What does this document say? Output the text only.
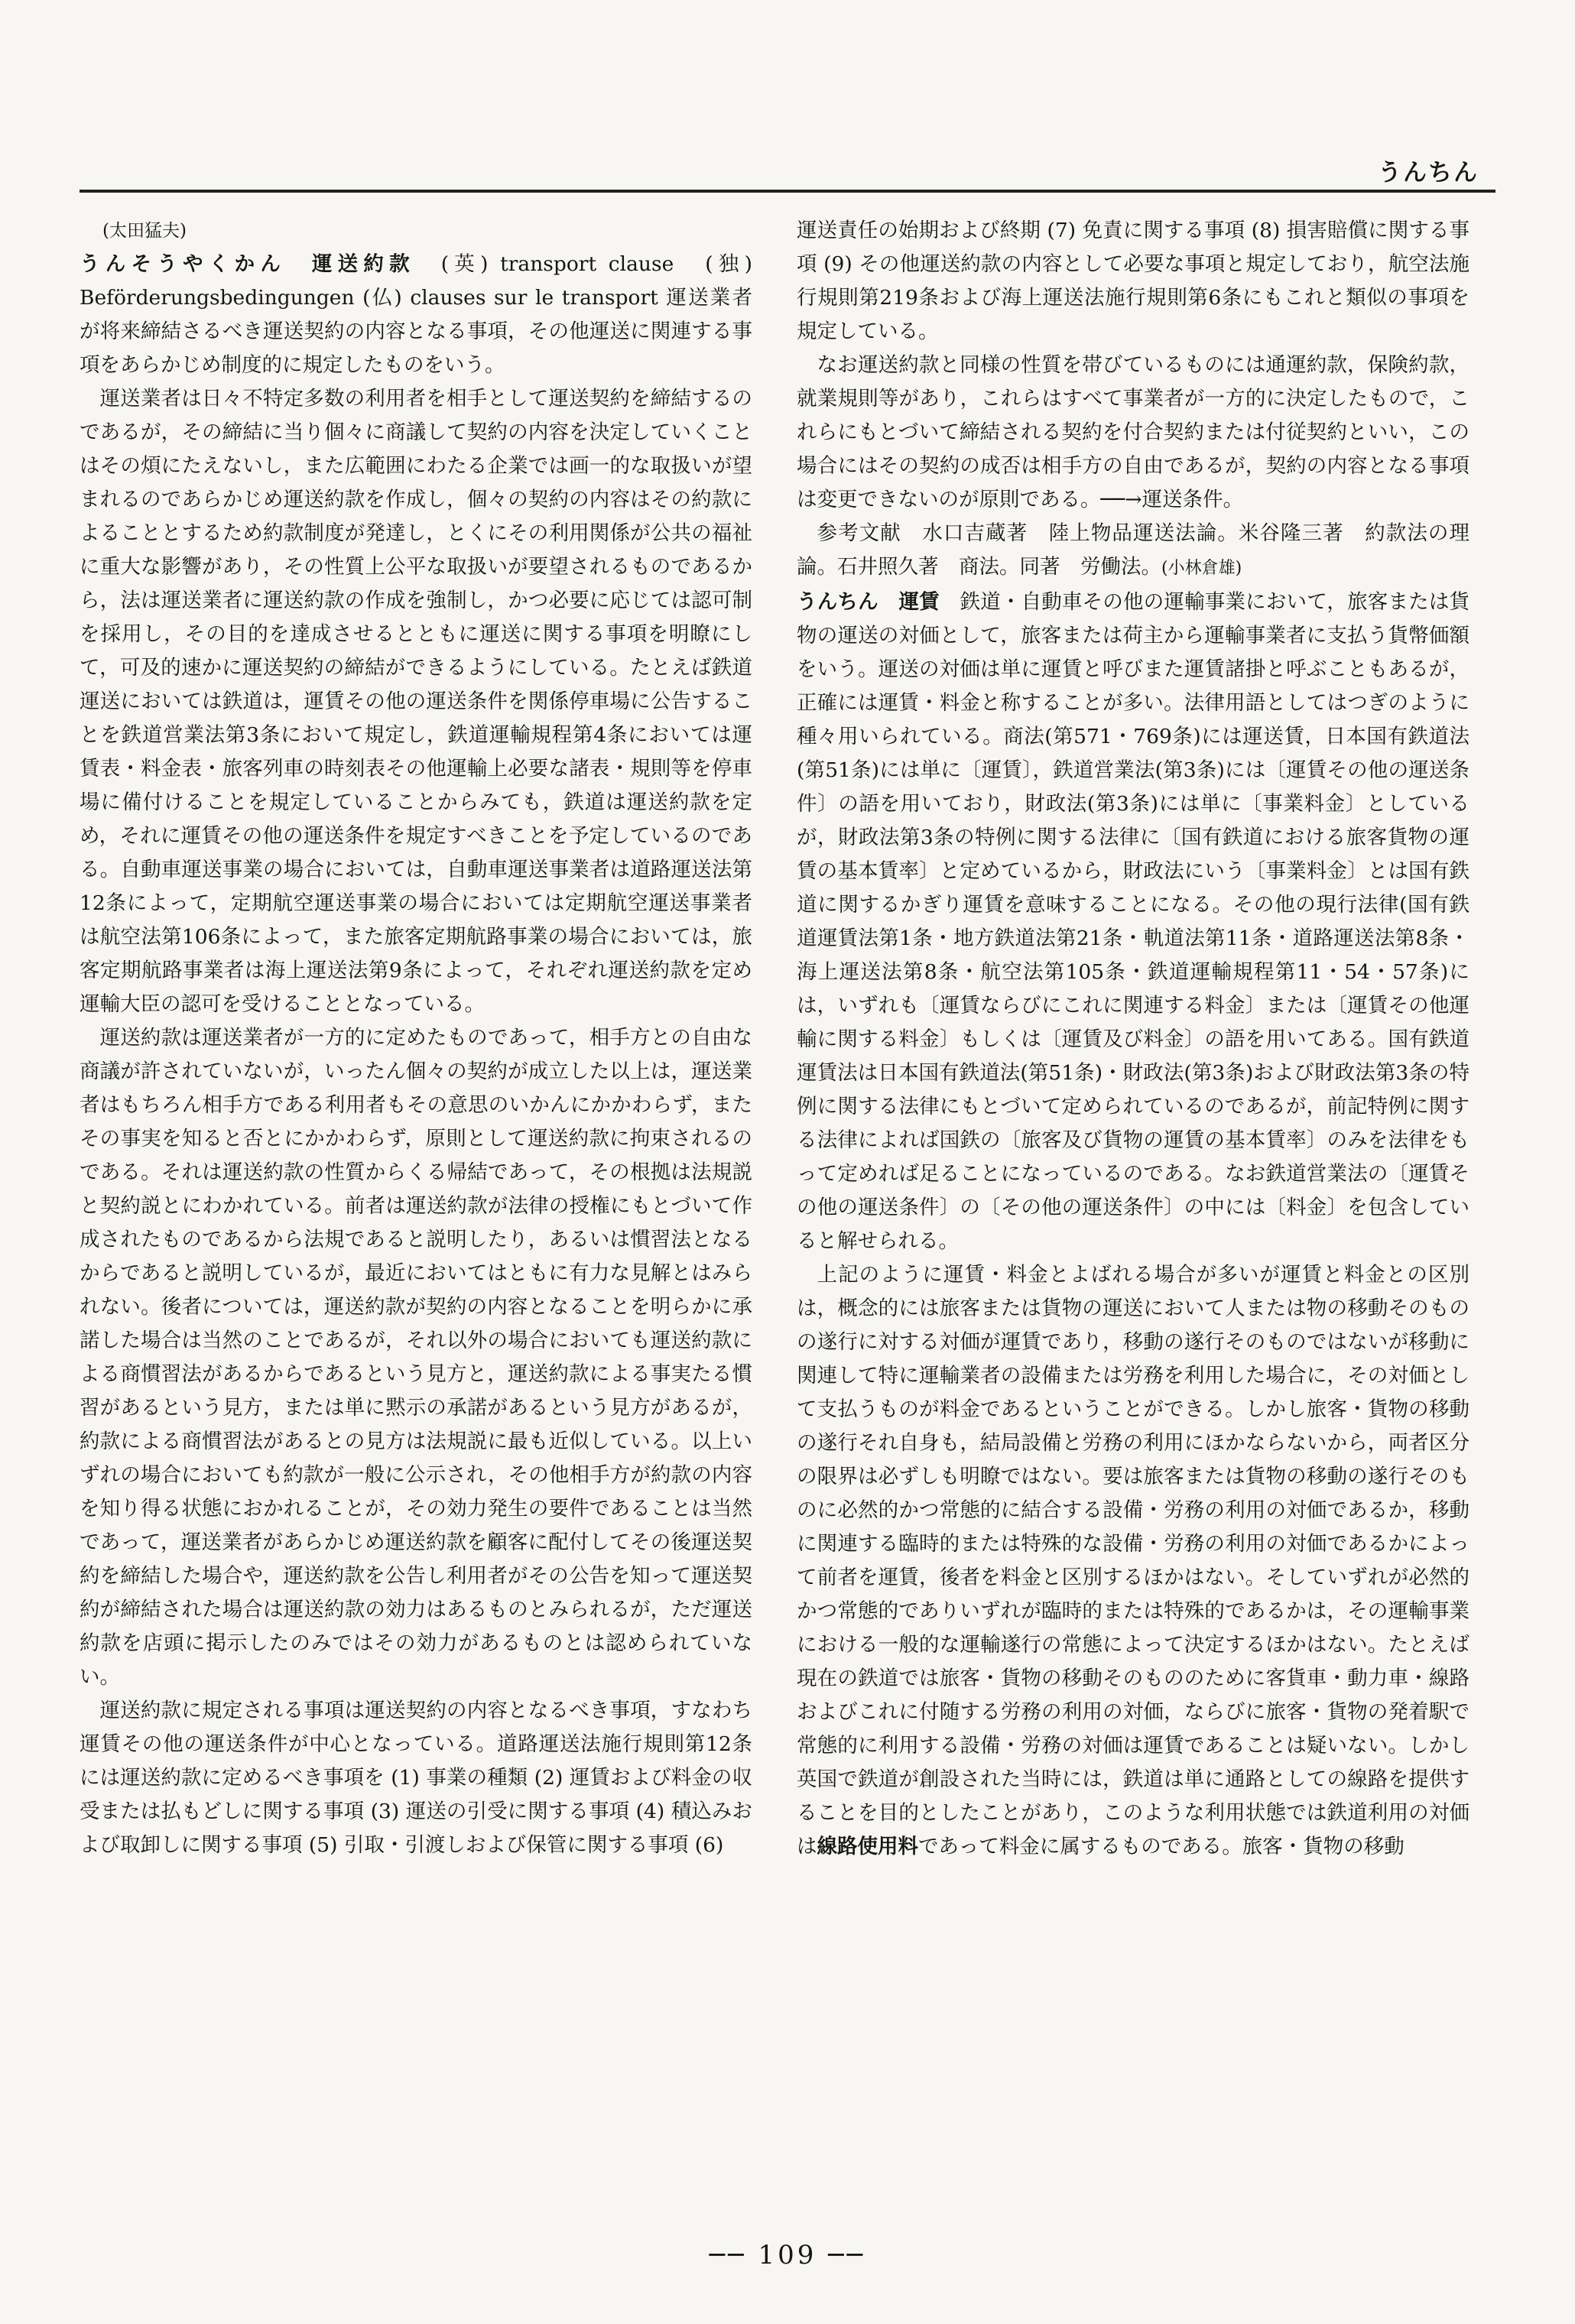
うんちん

(太田猛夫)

うんそうやくかん　運送約款　 (英) transport clause　(独) Beförderungsbedingungen (仏) clauses sur le transport 運送業者が将来締結さるべき運送契約の内容となる事項，その他運送に関連する事項をあらかじめ制度的に規定したものをいう。

運送業者は日々不特定多数の利用者を相手として運送契約を締結するのであるが，その締結に当り個々に商議して契約の内容を決定していくことはその煩にたえないし，また広範囲にわたる企業では画一的な取扱いが望まれるのであらかじめ運送約款を作成し，個々の契約の内容はその約款によることとするため約款制度が発達し，とくにその利用関係が公共の福祉に重大な影響があり，その性質上公平な取扱いが要望されるものであるから，法は運送業者に運送約款の作成を強制し，かつ必要に応じては認可制を採用し，その目的を達成させるとともに運送に関する事項を明瞭にして，可及的速かに運送契約の締結ができるようにしている。たとえば鉄道運送においては鉄道は，運賃その他の運送条件を関係停車場に公告することを鉄道営業法第3条において規定し，鉄道運輸規程第4条においては運賃表・料金表・旅客列車の時刻表その他運輸上必要な諸表・規則等を停車場に備付けることを規定していることからみても，鉄道は運送約款を定め，それに運賃その他の運送条件を規定すべきことを予定しているのである。自動車運送事業の場合においては，自動車運送事業者は道路運送法第12条によって，定期航空運送事業の場合においては定期航空運送事業者は航空法第106条によって，また旅客定期航路事業の場合においては，旅客定期航路事業者は海上運送法第9条によって，それぞれ運送約款を定め運輸大臣の認可を受けることとなっている。

運送約款は運送業者が一方的に定めたものであって，相手方との自由な商議が許されていないが，いったん個々の契約が成立した以上は，運送業者はもちろん相手方である利用者もその意思のいかんにかかわらず，またその事実を知ると否とにかかわらず，原則として運送約款に拘束されるのである。それは運送約款の性質からくる帰結であって，その根拠は法規説と契約説とにわかれている。前者は運送約款が法律の授権にもとづいて作成されたものであるから法規であると説明したり，あるいは慣習法となるからであると説明しているが，最近においてはともに有力な見解とはみられない。後者については，運送約款が契約の内容となることを明らかに承諾した場合は当然のことであるが，それ以外の場合においても運送約款による商慣習法があるからであるという見方と，運送約款による事実たる慣習があるという見方，または単に黙示の承諾があるという見方があるが，約款による商慣習法があるとの見方は法規説に最も近似している。以上いずれの場合においても約款が一般に公示され，その他相手方が約款の内容を知り得る状態におかれることが，その効力発生の要件であることは当然であって，運送業者があらかじめ運送約款を顧客に配付してその後運送契約を締結した場合や，運送約款を公告し利用者がその公告を知って運送契約が締結された場合は運送約款の効力はあるものとみられるが，ただ運送約款を店頭に掲示したのみではその効力があるものとは認められていない。

運送約款に規定される事項は運送契約の内容となるべき事項，すなわち運賃その他の運送条件が中心となっている。道路運送法施行規則第12条には運送約款に定めるべき事項を (1) 事業の種類 (2) 運賃および料金の収受または払もどしに関する事項 (3) 運送の引受に関する事項 (4) 積込みおよび取卸しに関する事項 (5) 引取・引渡しおよび保管に関する事項 (6)

運送責任の始期および終期 (7) 免責に関する事項 (8) 損害賠償に関する事項 (9) その他運送約款の内容として必要な事項と規定しており，航空法施行規則第219条および海上運送法施行規則第6条にもこれと類似の事項を規定している。

なお運送約款と同様の性質を帯びているものには通運約款，保険約款，就業規則等があり，これらはすべて事業者が一方的に決定したもので，これらにもとづいて締結される契約を付合契約または付従契約といい，この場合にはその契約の成否は相手方の自由であるが，契約の内容となる事項は変更できないのが原則である。──→運送条件。

参考文献　水口吉蔵著　陸上物品運送法論。米谷隆三著　約款法の理論。石井照久著　商法。同著　労働法。(小林倉雄)

うんちん　運賃　 鉄道・自動車その他の運輸事業において，旅客または貨物の運送の対価として，旅客または荷主から運輸事業者に支払う貨幣価額をいう。運送の対価は単に運賃と呼びまた運賃諸掛と呼ぶこともあるが，正確には運賃・料金と称することが多い。法律用語としてはつぎのように種々用いられている。商法(第571・769条)には運送賃，日本国有鉄道法(第51条)には単に〔運賃〕，鉄道営業法(第3条)には〔運賃その他の運送条件〕の語を用いており，財政法(第3条)には単に〔事業料金〕としているが，財政法第3条の特例に関する法律に〔国有鉄道における旅客貨物の運賃の基本賃率〕と定めているから，財政法にいう〔事業料金〕とは国有鉄道に関するかぎり運賃を意味することになる。その他の現行法律(国有鉄道運賃法第1条・地方鉄道法第21条・軌道法第11条・道路運送法第8条・海上運送法第8条・航空法第105条・鉄道運輸規程第11・54・57条)には，いずれも〔運賃ならびにこれに関連する料金〕または〔運賃その他運輸に関する料金〕もしくは〔運賃及び料金〕の語を用いてある。国有鉄道運賃法は日本国有鉄道法(第51条)・財政法(第3条)および財政法第3条の特例に関する法律にもとづいて定められているのであるが，前記特例に関する法律によれば国鉄の〔旅客及び貨物の運賃の基本賃率〕のみを法律をもって定めれば足ることになっているのである。なお鉄道営業法の〔運賃その他の運送条件〕の〔その他の運送条件〕の中には〔料金〕を包含していると解せられる。

上記のように運賃・料金とよばれる場合が多いが運賃と料金との区別は，概念的には旅客または貨物の運送において人または物の移動そのものの遂行に対する対価が運賃であり，移動の遂行そのものではないが移動に関連して特に運輸業者の設備または労務を利用した場合に，その対価として支払うものが料金であるということができる。しかし旅客・貨物の移動の遂行それ自身も，結局設備と労務の利用にほかならないから，両者区分の限界は必ずしも明瞭ではない。要は旅客または貨物の移動の遂行そのものに必然的かつ常態的に結合する設備・労務の利用の対価であるか，移動に関連する臨時的または特殊的な設備・労務の利用の対価であるかによって前者を運賃，後者を料金と区別するほかはない。そしていずれが必然的かつ常態的でありいずれが臨時的または特殊的であるかは，その運輸事業における一般的な運輸遂行の常態によって決定するほかはない。たとえば現在の鉄道では旅客・貨物の移動そのもののために客貨車・動力車・線路およびこれに付随する労務の利用の対価，ならびに旅客・貨物の発着駅で常態的に利用する設備・労務の対価は運賃であることは疑いない。しかし英国で鉄道が創設された当時には，鉄道は単に通路としての線路を提供することを目的としたことがあり，このような利用状態では鉄道利用の対価は線路使用料であって料金に属するものである。旅客・貨物の移動

── 109 ──
